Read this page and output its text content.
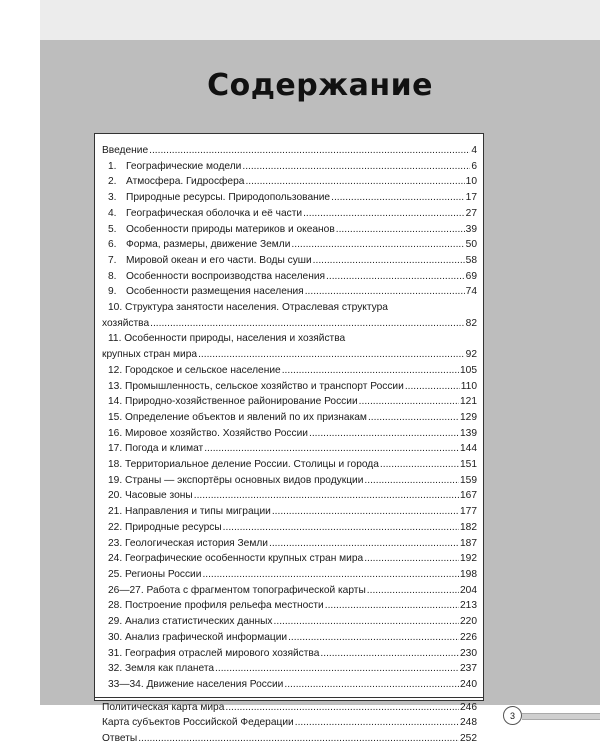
Содержание
Введение .....	4
1. Географические модели .....	6
2. Атмосфера. Гидросфера .....	10
3. Природные ресурсы. Природопользование .....	17
4. Географическая оболочка и её части .....	27
5. Особенности природы материков и океанов .....	39
6. Форма, размеры, движение Земли .....	50
7. Мировой океан и его части. Воды суши .....	58
8. Особенности воспроизводства населения .....	69
9. Особенности размещения населения .....	74
10. Структура занятости населения. Отраслевая структура
хозяйства .....	82
11. Особенности природы, населения и хозяйства
крупных стран мира .....	92
12. Городское и сельское население .....	105
13. Промышленность, сельское хозяйство и транспорт России .....	110
14. Природно-хозяйственное районирование России .....	121
15. Определение объектов и явлений по их признакам .....	129
16. Мировое хозяйство. Хозяйство России .....	139
17. Погода и климат .....	144
18. Территориальное деление России. Столицы и города .....	151
19. Страны — экспортёры основных видов продукции .....	159
20. Часовые зоны .....	167
21. Направления и типы миграции .....	177
22. Природные ресурсы .....	182
23. Геологическая история Земли .....	187
24. Географические особенности крупных стран мира .....	192
25. Регионы России .....	198
26—27. Работа с фрагментом топографической карты .....	204
28. Построение профиля рельефа местности .....	213
29. Анализ статистических данных .....	220
30. Анализ графической информации .....	226
31. География отраслей мирового хозяйства .....	230
32. Земля как планета .....	237
33—34. Движение населения России .....	240
Политическая карта мира .....	246
Карта субъектов Российской Федерации .....	248
Ответы .....	252
3
